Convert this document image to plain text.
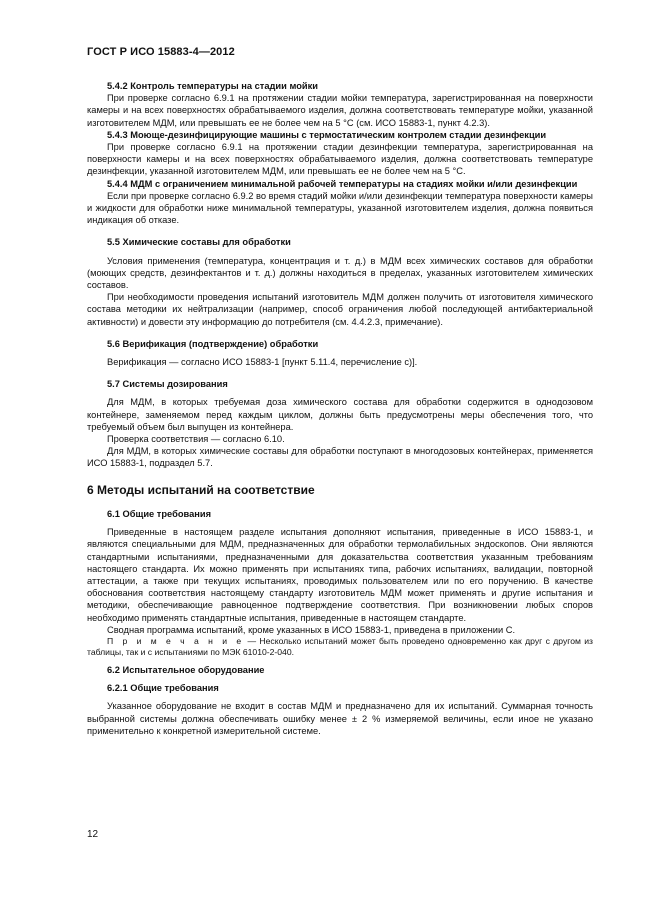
ГОСТ Р ИСО 15883-4—2012

5.4.2 Контроль температуры на стадии мойки

При проверке согласно 6.9.1 на протяжении стадии мойки температура, зарегистрированная на поверхности камеры и на всех поверхностях обрабатываемого изделия, должна соответствовать температуре мойки, указанной изготовителем МДМ, или превышать ее не более чем на 5 °С (см. ИСО 15883-1, пункт 4.2.3).

5.4.3 Моюще-дезинфицирующие машины с термостатическим контролем стадии дезинфекции

При проверке согласно 6.9.1 на протяжении стадии дезинфекции температура, зарегистрированная на поверхности камеры и на всех поверхностях обрабатываемого изделия, должна соответствовать температуре дезинфекции, указанной изготовителем МДМ, или превышать ее не более чем на 5 °С.

5.4.4 МДМ с ограничением минимальной рабочей температуры на стадиях мойки и/или дезинфекции

Если при проверке согласно 6.9.2 во время стадий мойки и/или дезинфекции температура поверхности камеры и жидкости для обработки ниже минимальной температуры, указанной изготовителем изделия, должна появиться индикация об отказе.

5.5 Химические составы для обработки

Условия применения (температура, концентрация и т. д.) в МДМ всех химических составов для обработки (моющих средств, дезинфектантов и т. д.) должны находиться в пределах, указанных изготовителем химических составов.

При необходимости проведения испытаний изготовитель МДМ должен получить от изготовителя химического состава методики их нейтрализации (например, способ ограничения любой последующей антибактериальной активности) и довести эту информацию до потребителя (см. 4.4.2.3, примечание).

5.6 Верификация (подтверждение) обработки

Верификация — согласно ИСО 15883-1 [пункт 5.11.4, перечисление с)].

5.7 Системы дозирования

Для МДМ, в которых требуемая доза химического состава для обработки содержится в однодозовом контейнере, заменяемом перед каждым циклом, должны быть предусмотрены меры обеспечения того, что требуемый объем был выпущен из контейнера.

Проверка соответствия — согласно 6.10.

Для МДМ, в которых химические составы для обработки поступают в многодозовых контейнерах, применяется ИСО 15883-1, подраздел 5.7.

6 Методы испытаний на соответствие

6.1 Общие требования

Приведенные в настоящем разделе испытания дополняют испытания, приведенные в ИСО 15883-1, и являются специальными для МДМ, предназначенных для обработки термолабильных эндоскопов. Они являются стандартными испытаниями, предназначенными для доказательства соответствия указанным требованиям настоящего стандарта. Их можно применять при испытаниях типа, рабочих испытаниях, валидации, повторной аттестации, а также при текущих испытаниях, проводимых пользователем или по его поручению. В качестве обоснования соответствия настоящему стандарту изготовитель МДМ может применять и другие испытания и методики, обеспечивающие равноценное подтверждение соответствия. При возникновении любых споров необходимо применять стандартные испытания, приведенные в настоящем стандарте.

Сводная программа испытаний, кроме указанных в ИСО 15883-1, приведена в приложении С.

П р и м е ч а н и е — Несколько испытаний может быть проведено одновременно как друг с другом из таблицы, так и с испытаниями по МЭК 61010-2-040.

6.2 Испытательное оборудование

6.2.1 Общие требования

Указанное оборудование не входит в состав МДМ и предназначено для их испытаний. Суммарная точность выбранной системы должна обеспечивать ошибку менее ± 2 % измеряемой величины, если иное не указано применительно к конкретной измерительной системе.

12
